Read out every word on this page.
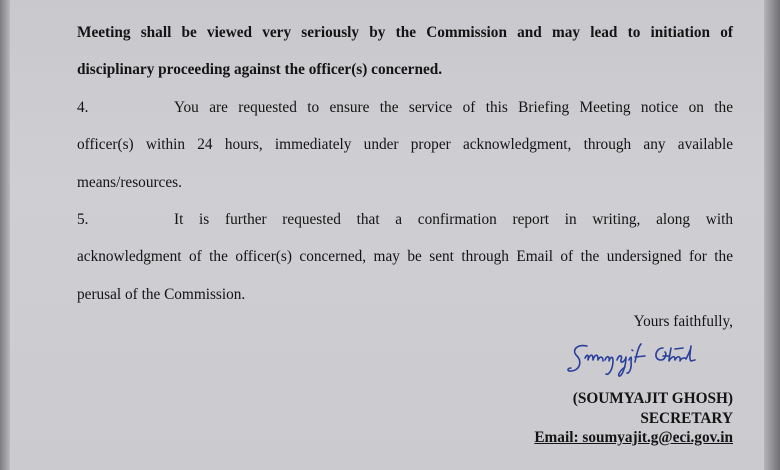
Meeting shall be viewed very seriously by the Commission and may lead to initiation of
disciplinary proceeding against the officer(s) concerned.
4.	You are requested to ensure the service of this Briefing Meeting notice on the
officer(s) within 24 hours, immediately under proper acknowledgment, through any available
means/resources.
5.	It is further requested that a confirmation report in writing, along with
acknowledgment of the officer(s) concerned, may be sent through Email of the undersigned for the
perusal of the Commission.
Yours faithfully,
(SOUMYAJIT GHOSH)
SECRETARY
Email: soumyajit.g@eci.gov.in
